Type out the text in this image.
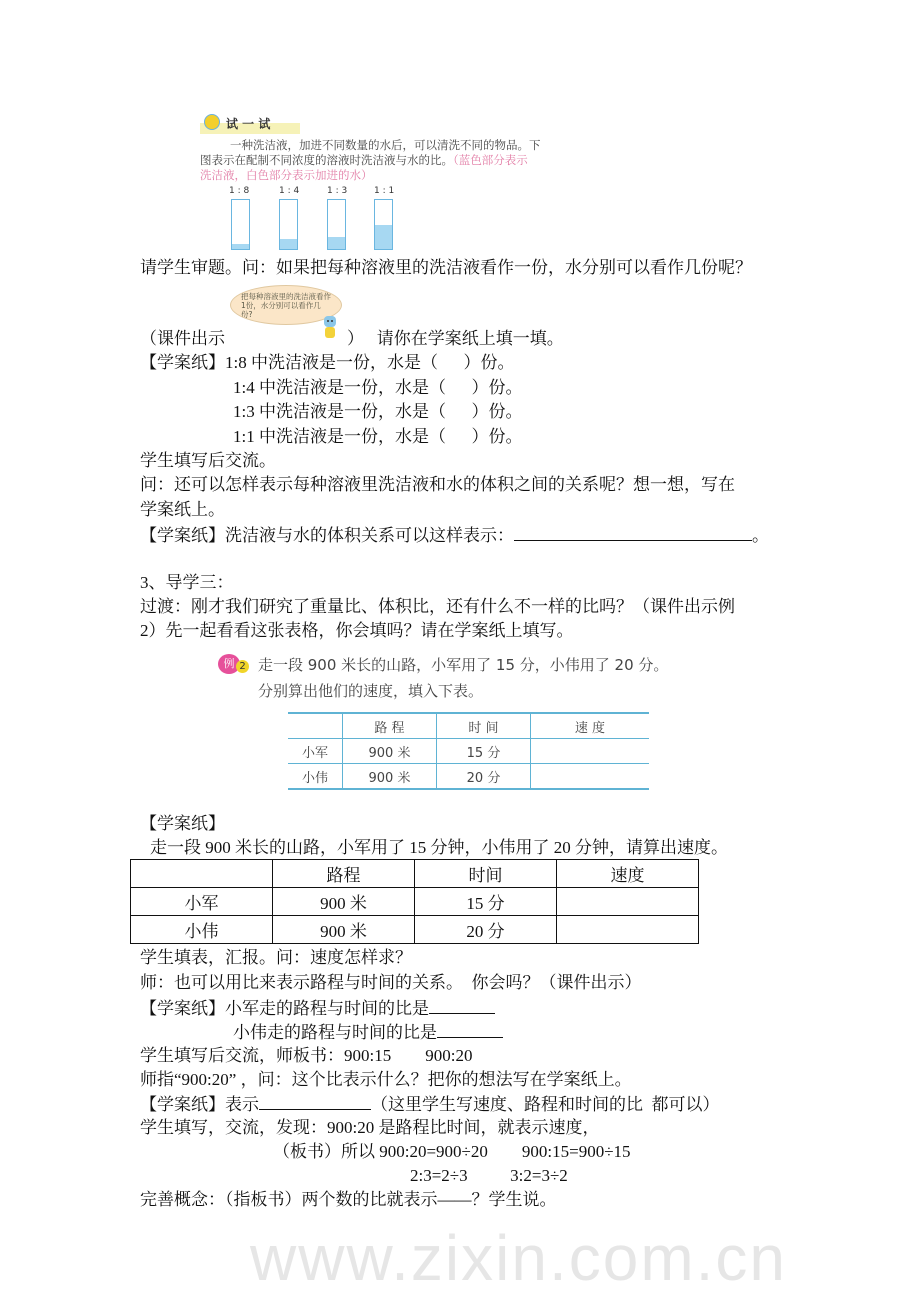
www.zixin.com.cn
试 一 试
一种洗洁液，加进不同数量的水后，可以清洗不同的物品。下
图表示在配制不同浓度的溶液时洗洁液与水的比。（蓝色部分表示
洗洁液，白色部分表示加进的水）
1 : 8	1 : 4	1 : 3	1 : 1
请学生审题。问：如果把每种溶液里的洗洁液看作一份，水分别可以看作几份呢？
把每种溶液里的洗洁液看作1份，水分别可以看作几份?
（课件出示	）   请你在学案纸上填一填。
【学案纸】1:8 中洗洁液是一份，水是（      ）份。
1:4 中洗洁液是一份，水是（      ）份。
1:3 中洗洁液是一份，水是（      ）份。
1:1 中洗洁液是一份，水是（      ）份。
学生填写后交流。
问：还可以怎样表示每种溶液里洗洁液和水的体积之间的关系呢？想一想，写在
学案纸上。
【学案纸】洗洁液与水的体积关系可以这样表示：	。
3、导学三：
过渡：刚才我们研究了重量比、体积比，还有什么不一样的比吗？（课件出示例
2）先一起看看这张表格，你会填吗？请在学案纸上填写。
例 2 走一段 900 米长的山路，小军用了 15 分，小伟用了 20 分。
分别算出他们的速度，填入下表。
	路 程	时 间	速 度
小军	900 米	15 分	
小伟	900 米	20 分	
【学案纸】
走一段 900 米长的山路，小军用了 15 分钟，小伟用了 20 分钟，请算出速度。
	路程	时间	速度
小军	900 米	15 分	
小伟	900 米	20 分	
学生填表，汇报。问：速度怎样求？
师：也可以用比来表示路程与时间的关系。  你会吗？（课件出示）
【学案纸】小军走的路程与时间的比是
小伟走的路程与时间的比是
学生填写后交流，师板书：900:15        900:20
师指“900:20” ，问：这个比表示什么？把你的想法写在学案纸上。
【学案纸】表示	（这里学生写速度、路程和时间的比  都可以）
学生填写，交流，发现：900:20 是路程比时间，就表示速度，
（板书）所以 900:20=900÷20        900:15=900÷15
2:3=2÷3          3:2=3÷2
完善概念：（指板书）两个数的比就表示——？学生说。
